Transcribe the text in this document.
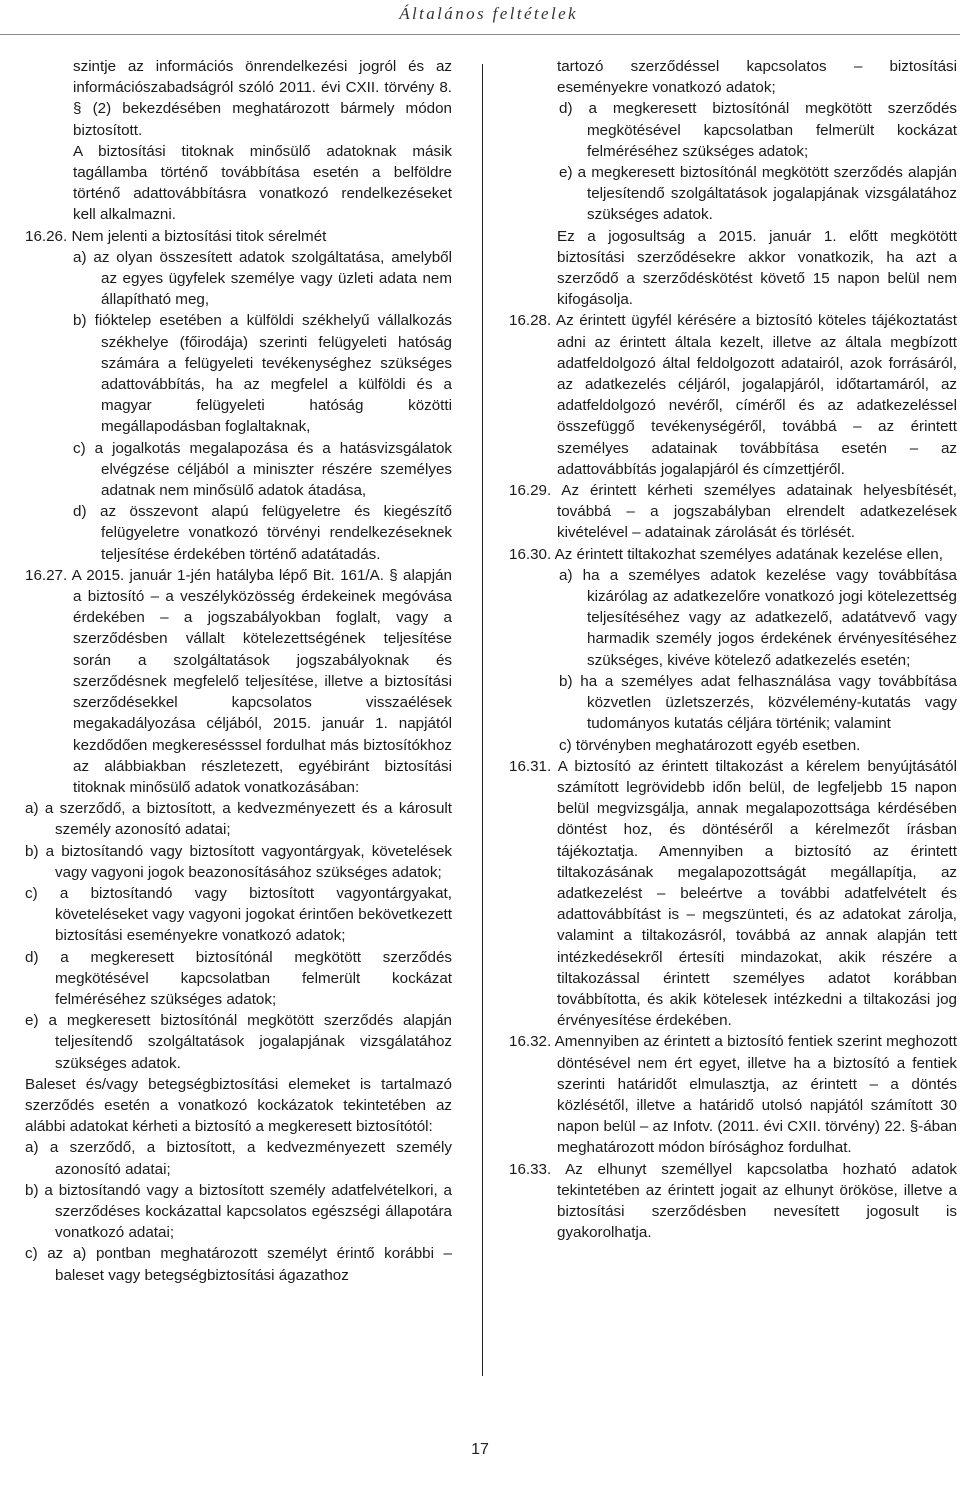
Általános feltételek

szintje az információs önrendelkezési jogról és az információszabadságról szóló 2011. évi CXII. törvény 8. § (2) bekezdésében meghatározott bármely módon biztosított.

A biztosítási titoknak minősülő adatoknak másik tagállamba történő továbbítása esetén a belföldre történő adattovábbításra vonatkozó rendelkezéseket kell alkalmazni.

16.26. Nem jelenti a biztosítási titok sérelmét

a) az olyan összesített adatok szolgáltatása, amelyből az egyes ügyfelek személye vagy üzleti adata nem állapítható meg,

b) fióktelep esetében a külföldi székhelyű vállalkozás székhelye (főirodája) szerinti felügyeleti hatóság számára a felügyeleti tevékenységhez szükséges adattovábbítás, ha az megfelel a külföldi és a magyar felügyeleti hatóság közötti megállapodásban foglaltaknak,

c) a jogalkotás megalapozása és a hatásvizsgálatok elvégzése céljából a miniszter részére személyes adatnak nem minősülő adatok átadása,

d) az összevont alapú felügyeletre és kiegészítő felügyeletre vonatkozó törvényi rendelkezéseknek teljesítése érdekében történő adatátadás.

16.27. A 2015. január 1-jén hatályba lépő Bit. 161/A. § alapján a biztosító – a veszélyközösség érdekeinek megóvása érdekében – a jogszabályokban foglalt, vagy a szerződésben vállalt kötelezettségének teljesítése során a szolgáltatások jogszabályoknak és szerződésnek megfelelő teljesítése, illetve a biztosítási szerződésekkel kapcsolatos visszaélések megakadályozása céljából, 2015. január 1. napjától kezdődően megkeresésssel fordulhat más biztosítókhoz az alábbiakban részletezett, egyébiránt biztosítási titoknak minősülő adatok vonatkozásában:

a) a szerződő, a biztosított, a kedvezményezett és a károsult személy azonosító adatai;

b) a biztosítandó vagy biztosított vagyontárgyak, követelések vagy vagyoni jogok beazonosításához szükséges adatok;

c) a biztosítandó vagy biztosított vagyontárgyakat, követeléseket vagy vagyoni jogokat érintően bekövetkezett biztosítási eseményekre vonatkozó adatok;

d) a megkeresett biztosítónál megkötött szerződés megkötésével kapcsolatban felmerült kockázat felméréséhez szükséges adatok;

e) a megkeresett biztosítónál megkötött szerződés alapján teljesítendő szolgáltatások jogalapjának vizsgálatához szükséges adatok.

Baleset és/vagy betegségbiztosítási elemeket is tartalmazó szerződés esetén a vonatkozó kockázatok tekintetében az alábbi adatokat kérheti a biztosító a megkeresett biztosítótól:

a) a szerződő, a biztosított, a kedvezményezett személy azonosító adatai;

b) a biztosítandó vagy a biztosított személy adatfelvételkori, a szerződéses kockázattal kapcsolatos egészségi állapotára vonatkozó adatai;

c) az a) pontban meghatározott személyt érintő korábbi – baleset vagy betegségbiztosítási ágazathoz

tartozó szerződéssel kapcsolatos – biztosítási eseményekre vonatkozó adatok;

d) a megkeresett biztosítónál megkötött szerződés megkötésével kapcsolatban felmerült kockázat felméréséhez szükséges adatok;

e) a megkeresett biztosítónál megkötött szerződés alapján teljesítendő szolgáltatások jogalapjának vizsgálatához szükséges adatok.

Ez a jogosultság a 2015. január 1. előtt megkötött biztosítási szerződésekre akkor vonatkozik, ha azt a szerződő a szerződéskötést követő 15 napon belül nem kifogásolja.

16.28. Az érintett ügyfél kérésére a biztosító köteles tájékoztatást adni az érintett általa kezelt, illetve az általa megbízott adatfeldolgozó által feldolgozott adatairól, azok forrásáról, az adatkezelés céljáról, jogalapjáról, időtartamáról, az adatfeldolgozó nevéről, címéről és az adatkezeléssel összefüggő tevékenységéről, továbbá – az érintett személyes adatainak továbbítása esetén – az adattovábbítás jogalapjáról és címzettjéről.

16.29. Az érintett kérheti személyes adatainak helyesbítését, továbbá – a jogszabályban elrendelt adatkezelések kivételével – adatainak zárolását és törlését.

16.30. Az érintett tiltakozhat személyes adatának kezelése ellen,

a) ha a személyes adatok kezelése vagy továbbítása kizárólag az adatkezelőre vonatkozó jogi kötelezettség teljesítéséhez vagy az adatkezelő, adatátvevő vagy harmadik személy jogos érdekének érvényesítéséhez szükséges, kivéve kötelező adatkezelés esetén;

b) ha a személyes adat felhasználása vagy továbbítása közvetlen üzletszerzés, közvélemény-kutatás vagy tudományos kutatás céljára történik; valamint

c) törvényben meghatározott egyéb esetben.

16.31. A biztosító az érintett tiltakozást a kérelem benyújtásától számított legrövidebb időn belül, de legfeljebb 15 napon belül megvizsgálja, annak megalapozottsága kérdésében döntést hoz, és döntéséről a kérelmezőt írásban tájékoztatja. Amennyiben a biztosító az érintett tiltakozásának megalapozottságát megállapítja, az adatkezelést – beleértve a további adatfelvételt és adattovábbítást is – megszünteti, és az adatokat zárolja, valamint a tiltakozásról, továbbá az annak alapján tett intézkedésekről értesíti mindazokat, akik részére a tiltakozással érintett személyes adatot korábban továbbította, és akik kötelesek intézkedni a tiltakozási jog érvényesítése érdekében.

16.32. Amennyiben az érintett a biztosító fentiek szerint meghozott döntésével nem ért egyet, illetve ha a biztosító a fentiek szerinti határidőt elmulasztja, az érintett – a döntés közlésétől, illetve a határidő utolsó napjától számított 30 napon belül – az Infotv. (2011. évi CXII. törvény) 22. §-ában meghatározott módon bírósághoz fordulhat.

16.33. Az elhunyt személlyel kapcsolatba hozható adatok tekintetében az érintett jogait az elhunyt örököse, illetve a biztosítási szerződésben nevesített jogosult is gyakorolhatja.

17
